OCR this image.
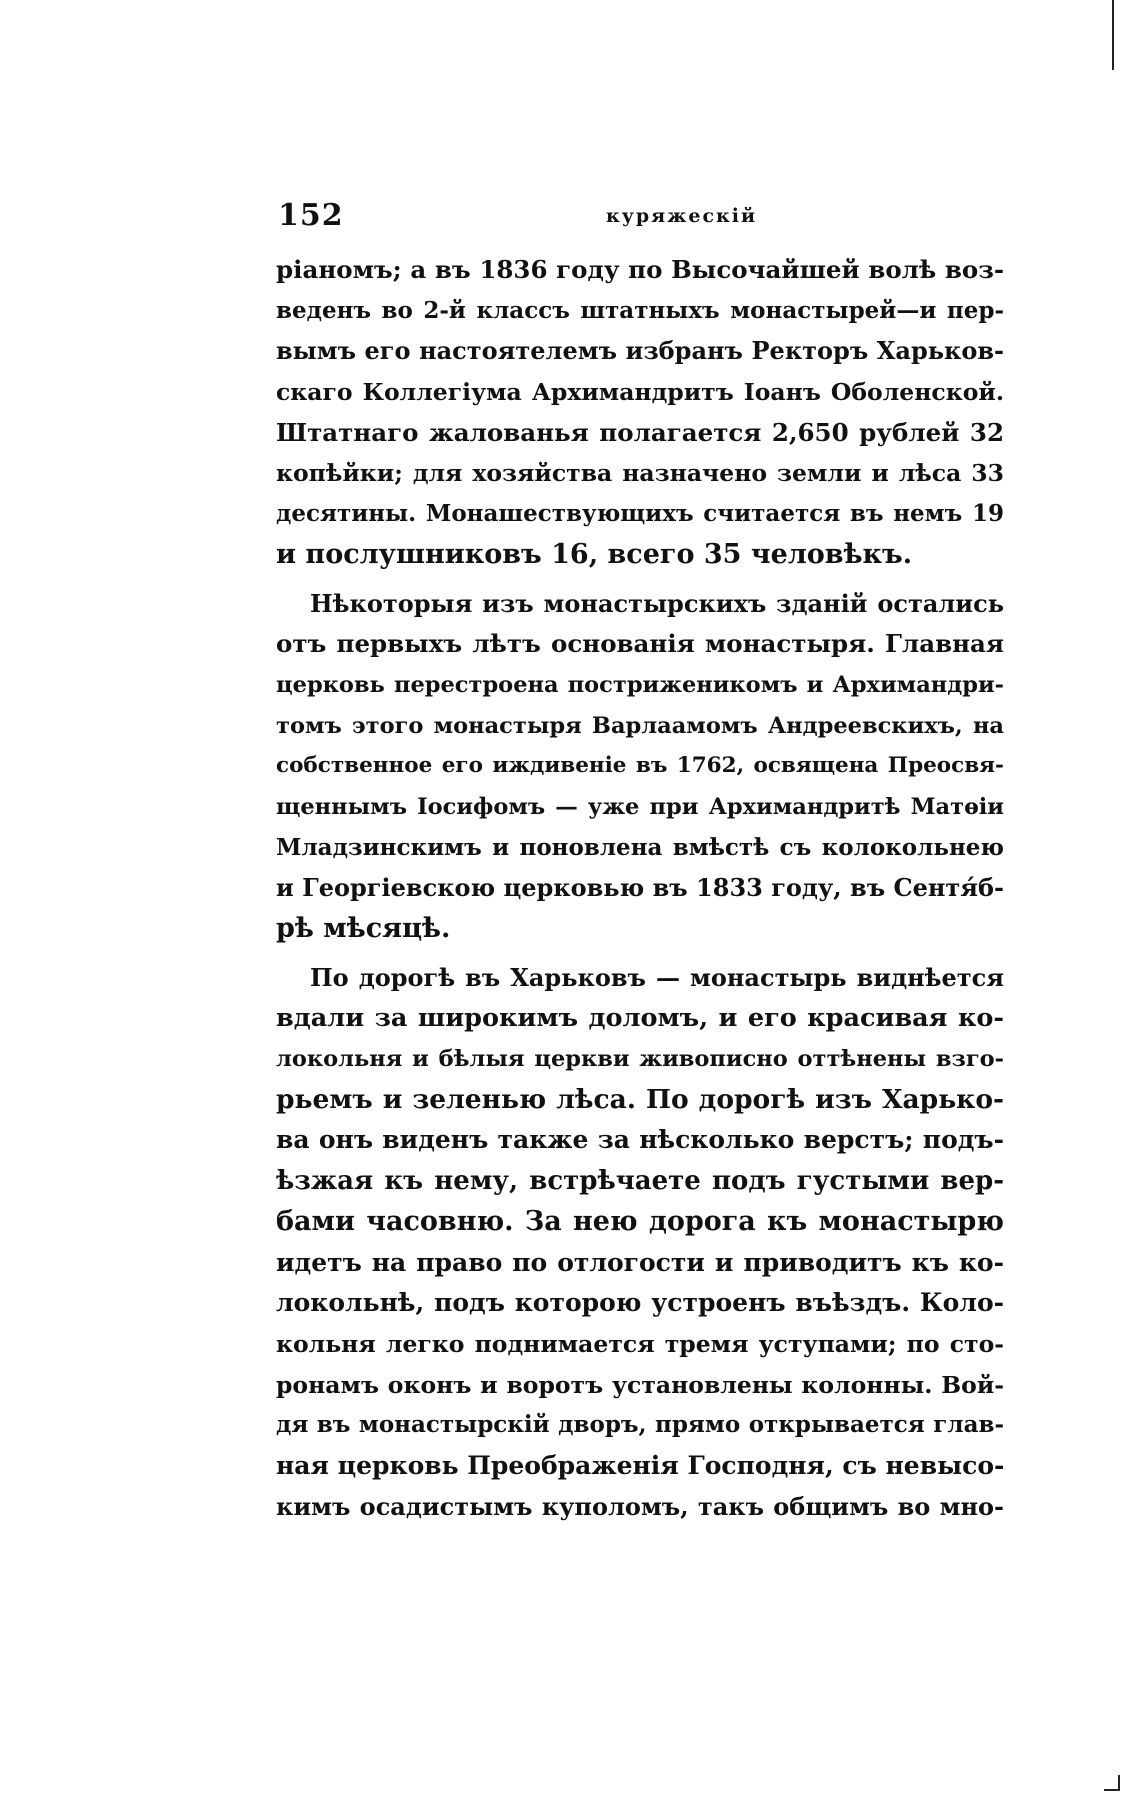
152	куряжескій
ріаномъ; а въ 1836 году по Высочайшей волѣ воз-
веденъ во 2-й классъ штатныхъ монастырей—и пер-
вымъ его настоятелемъ избранъ Ректоръ Харьков-
скаго Коллегіума Архимандритъ Іоанъ Оболенской.
Штатнаго жалованья полагается 2,650 рублей 32
копѣйки; для хозяйства назначено земли и лѣса 33
десятины. Монашествующихъ считается въ немъ 19
и послушниковъ 16, всего 35 человѣкъ.
Нѣкоторыя изъ монастырскихъ зданій остались
отъ первыхъ лѣтъ основанія монастыря. Главная
церковь перестроена постриженикомъ и Архимандри-
томъ этого монастыря Варлаамомъ Андреевскихъ, на
собственное его иждивеніе въ 1762, освящена Преосвя-
щеннымъ Іосифомъ — уже при Архимандритѣ Матѳіи
Младзинскимъ и поновлена вмѣстѣ съ колокольнею
и Георгіевскою церковью въ 1833 году, въ Сентя́б-
рѣ мѣсяцѣ.
По дорогѣ въ Харьковъ — монастырь виднѣется
вдали за широкимъ доломъ, и его красивая ко-
локольня и бѣлыя церкви живописно оттѣнены взго-
рьемъ и зеленью лѣса. По дорогѣ изъ Харько-
ва онъ виденъ также за нѣсколько верстъ; подъ-
ѣзжая къ нему, встрѣчаете подъ густыми вер-
бами часовню. За нею дорога къ монастырю
идетъ на право по отлогости и приводитъ къ ко-
локольнѣ, подъ которою устроенъ въѣздъ. Коло-
кольня легко поднимается тремя уступами; по сто-
ронамъ оконъ и воротъ установлены колонны. Вой-
дя въ монастырскій дворъ, прямо открывается глав-
ная церковь Преображенія Господня, съ невысо-
кимъ осадистымъ куполомъ, такъ общимъ во мно-
